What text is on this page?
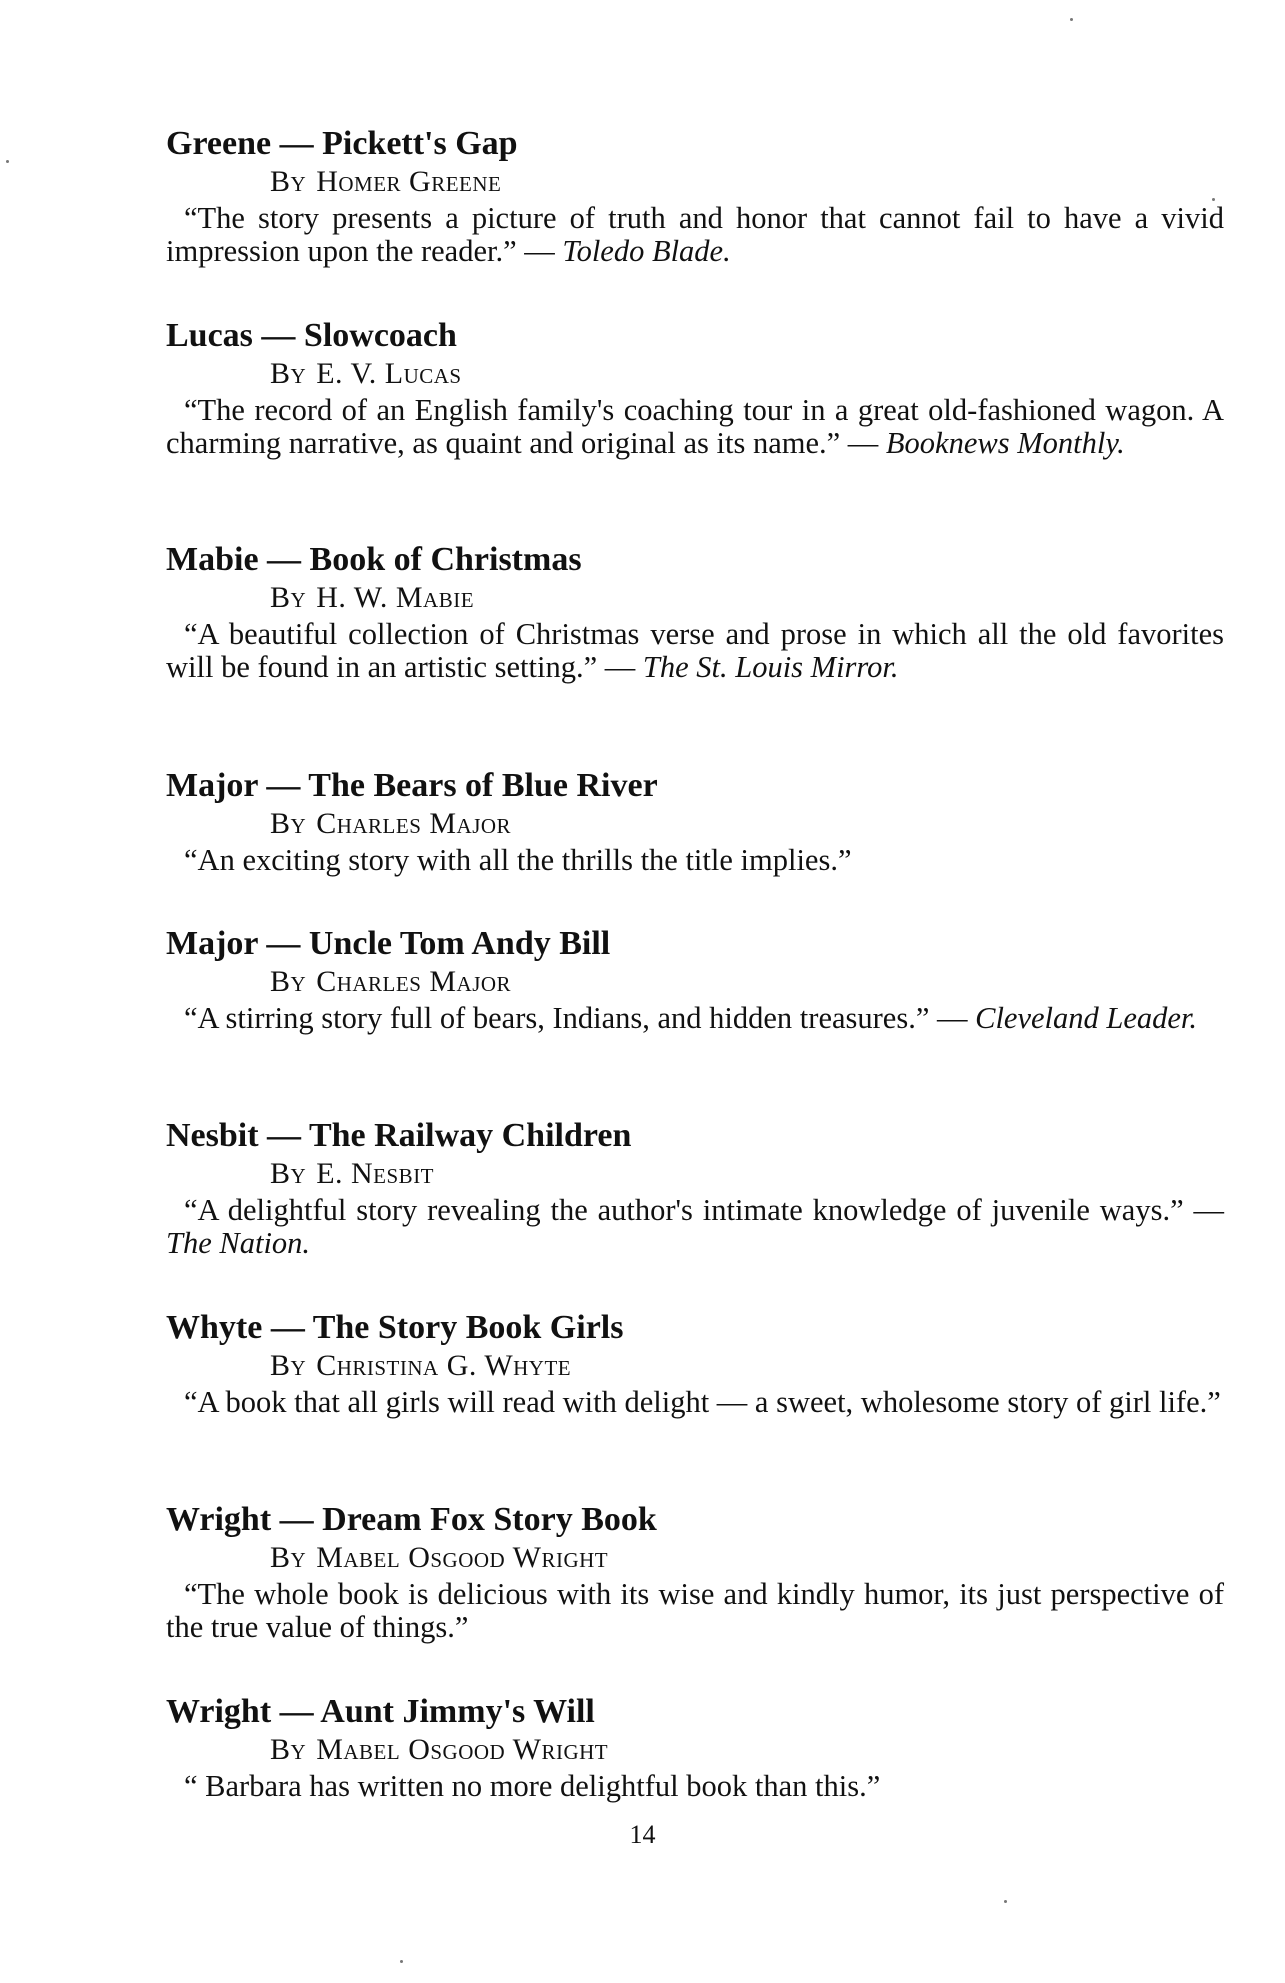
Greene — Pickett's Gap

By Homer Greene

“The story presents a picture of truth and honor that cannot fail to have a vivid impression upon the reader.” — Toledo Blade.

Lucas — Slowcoach

By E. V. Lucas

“The record of an English family's coaching tour in a great old-fashioned wagon. A charming narrative, as quaint and original as its name.” — Booknews Monthly.

Mabie — Book of Christmas

By H. W. Mabie

“A beautiful collection of Christmas verse and prose in which all the old favorites will be found in an artistic setting.” — The St. Louis Mirror.

Major — The Bears of Blue River

By Charles Major

“An exciting story with all the thrills the title implies.”

Major — Uncle Tom Andy Bill

By Charles Major

“A stirring story full of bears, Indians, and hidden treasures.” — Cleveland Leader.

Nesbit — The Railway Children

By E. Nesbit

“A delightful story revealing the author's intimate knowledge of juvenile ways.” — The Nation.

Whyte — The Story Book Girls

By Christina G. Whyte

“A book that all girls will read with delight — a sweet, wholesome story of girl life.”

Wright — Dream Fox Story Book

By Mabel Osgood Wright

“The whole book is delicious with its wise and kindly humor, its just perspective of the true value of things.”

Wright — Aunt Jimmy's Will

By Mabel Osgood Wright

“ Barbara has written no more delightful book than this.”

14
